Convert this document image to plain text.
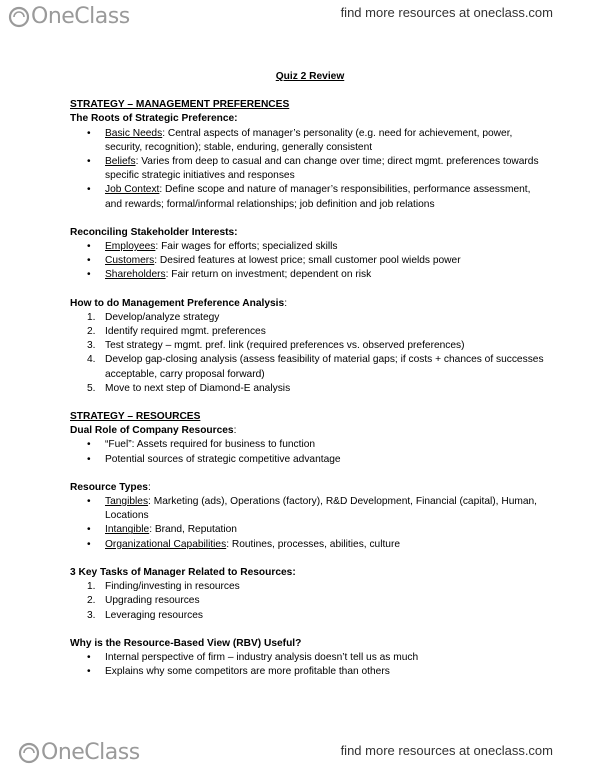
OneClass	find more resources at oneclass.com
Quiz 2 Review
STRATEGY – MANAGEMENT PREFERENCES
The Roots of Strategic Preference:
• Basic Needs: Central aspects of manager’s personality (e.g. need for achievement, power, security, recognition); stable, enduring, generally consistent
• Beliefs: Varies from deep to casual and can change over time; direct mgmt. preferences towards specific strategic initiatives and responses
• Job Context: Define scope and nature of manager’s responsibilities, performance assessment, and rewards; formal/informal relationships; job definition and job relations
Reconciling Stakeholder Interests:
• Employees: Fair wages for efforts; specialized skills
• Customers: Desired features at lowest price; small customer pool wields power
• Shareholders: Fair return on investment; dependent on risk
How to do Management Preference Analysis:
1. Develop/analyze strategy
2. Identify required mgmt. preferences
3. Test strategy – mgmt. pref. link (required preferences vs. observed preferences)
4. Develop gap-closing analysis (assess feasibility of material gaps; if costs + chances of successes acceptable, carry proposal forward)
5. Move to next step of Diamond-E analysis
STRATEGY – RESOURCES
Dual Role of Company Resources:
• “Fuel”: Assets required for business to function
• Potential sources of strategic competitive advantage
Resource Types:
• Tangibles: Marketing (ads), Operations (factory), R&D Development, Financial (capital), Human, Locations
• Intangible: Brand, Reputation
• Organizational Capabilities: Routines, processes, abilities, culture
3 Key Tasks of Manager Related to Resources:
1. Finding/investing in resources
2. Upgrading resources
3. Leveraging resources
Why is the Resource-Based View (RBV) Useful?
• Internal perspective of firm – industry analysis doesn’t tell us as much
• Explains why some competitors are more profitable than others
OneClass	find more resources at oneclass.com
